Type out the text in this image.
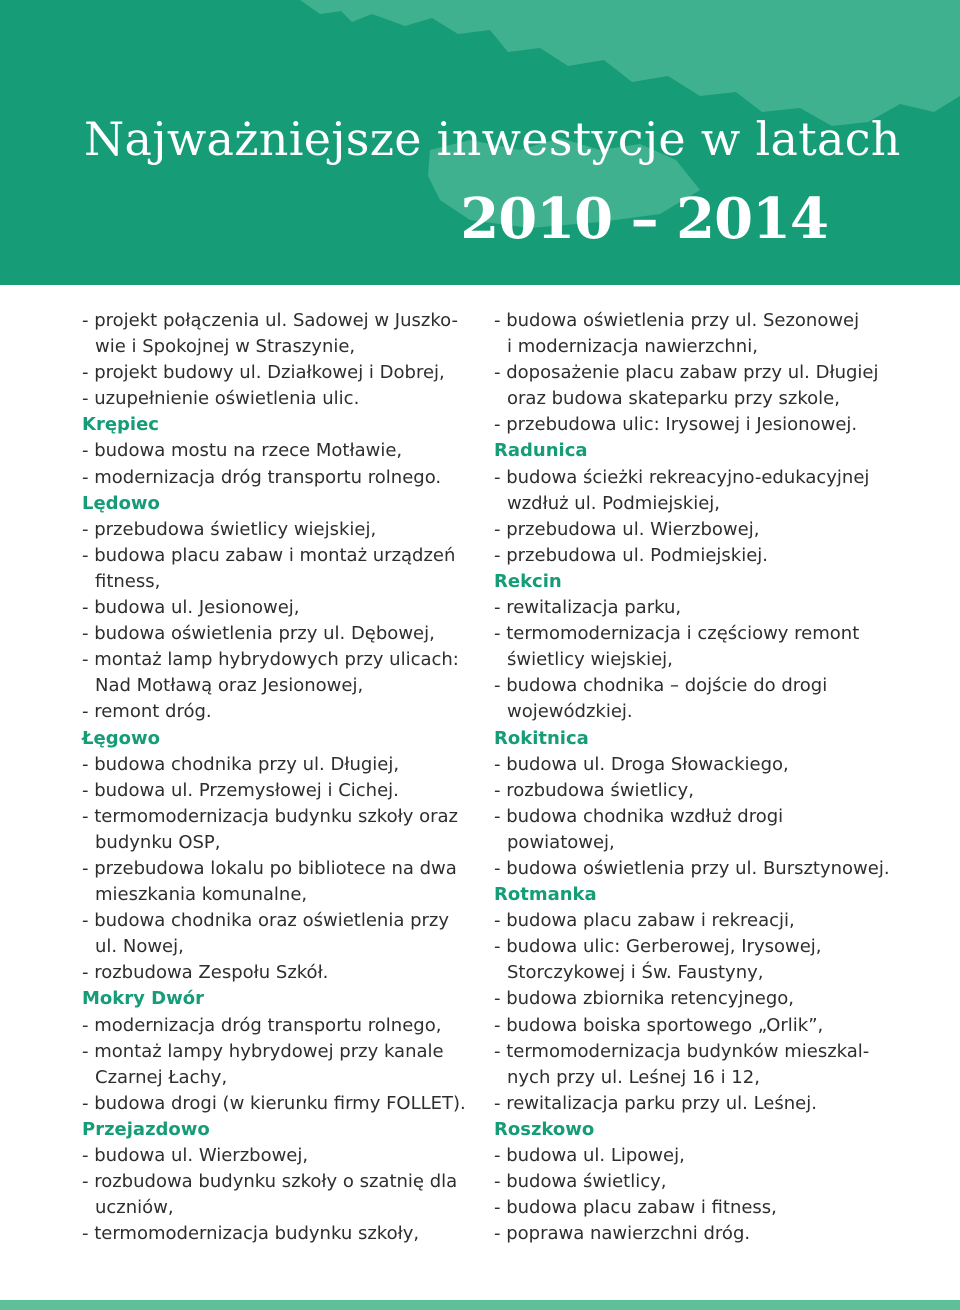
Najważniejsze inwestycje w latach
2010 – 2014
- projekt połączenia ul. Sadowej w Juszko-
wie i Spokojnej w Straszynie,
- projekt budowy ul. Działkowej i Dobrej,
- uzupełnienie oświetlenia ulic.
Krępiec
- budowa mostu na rzece Motławie,
- modernizacja dróg transportu rolnego.
Lędowo
- przebudowa świetlicy wiejskiej,
- budowa placu zabaw i montaż urządzeń
fitness,
- budowa ul. Jesionowej,
- budowa oświetlenia przy ul. Dębowej,
- montaż lamp hybrydowych przy ulicach:
Nad Motławą oraz Jesionowej,
- remont dróg.
Łęgowo
- budowa chodnika przy ul. Długiej,
- budowa ul. Przemysłowej i Cichej.
- termomodernizacja budynku szkoły oraz
budynku OSP,
- przebudowa lokalu po bibliotece na dwa
mieszkania komunalne,
- budowa chodnika oraz oświetlenia przy
ul. Nowej,
- rozbudowa Zespołu Szkół.
Mokry Dwór
- modernizacja dróg transportu rolnego,
- montaż lampy hybrydowej przy kanale
Czarnej Łachy,
- budowa drogi (w kierunku firmy FOLLET).
Przejazdowo
- budowa ul. Wierzbowej,
- rozbudowa budynku szkoły o szatnię dla
uczniów,
- termomodernizacja budynku szkoły,
- budowa oświetlenia przy ul. Sezonowej
i modernizacja nawierzchni,
- doposażenie placu zabaw przy ul. Długiej
oraz budowa skateparku przy szkole,
- przebudowa ulic: Irysowej i Jesionowej.
Radunica
- budowa ścieżki rekreacyjno-edukacyjnej
wzdłuż ul. Podmiejskiej,
- przebudowa ul. Wierzbowej,
- przebudowa ul. Podmiejskiej.
Rekcin
- rewitalizacja parku,
- termomodernizacja i częściowy remont
świetlicy wiejskiej,
- budowa chodnika – dojście do drogi
wojewódzkiej.
Rokitnica
- budowa ul. Droga Słowackiego,
- rozbudowa świetlicy,
- budowa chodnika wzdłuż drogi
powiatowej,
- budowa oświetlenia przy ul. Bursztynowej.
Rotmanka
- budowa placu zabaw i rekreacji,
- budowa ulic: Gerberowej, Irysowej,
Storczykowej i Św. Faustyny,
- budowa zbiornika retencyjnego,
- budowa boiska sportowego „Orlik”,
- termomodernizacja budynków mieszkal-
nych przy ul. Leśnej 16 i 12,
- rewitalizacja parku przy ul. Leśnej.
Roszkowo
- budowa ul. Lipowej,
- budowa świetlicy,
- budowa placu zabaw i fitness,
- poprawa nawierzchni dróg.
